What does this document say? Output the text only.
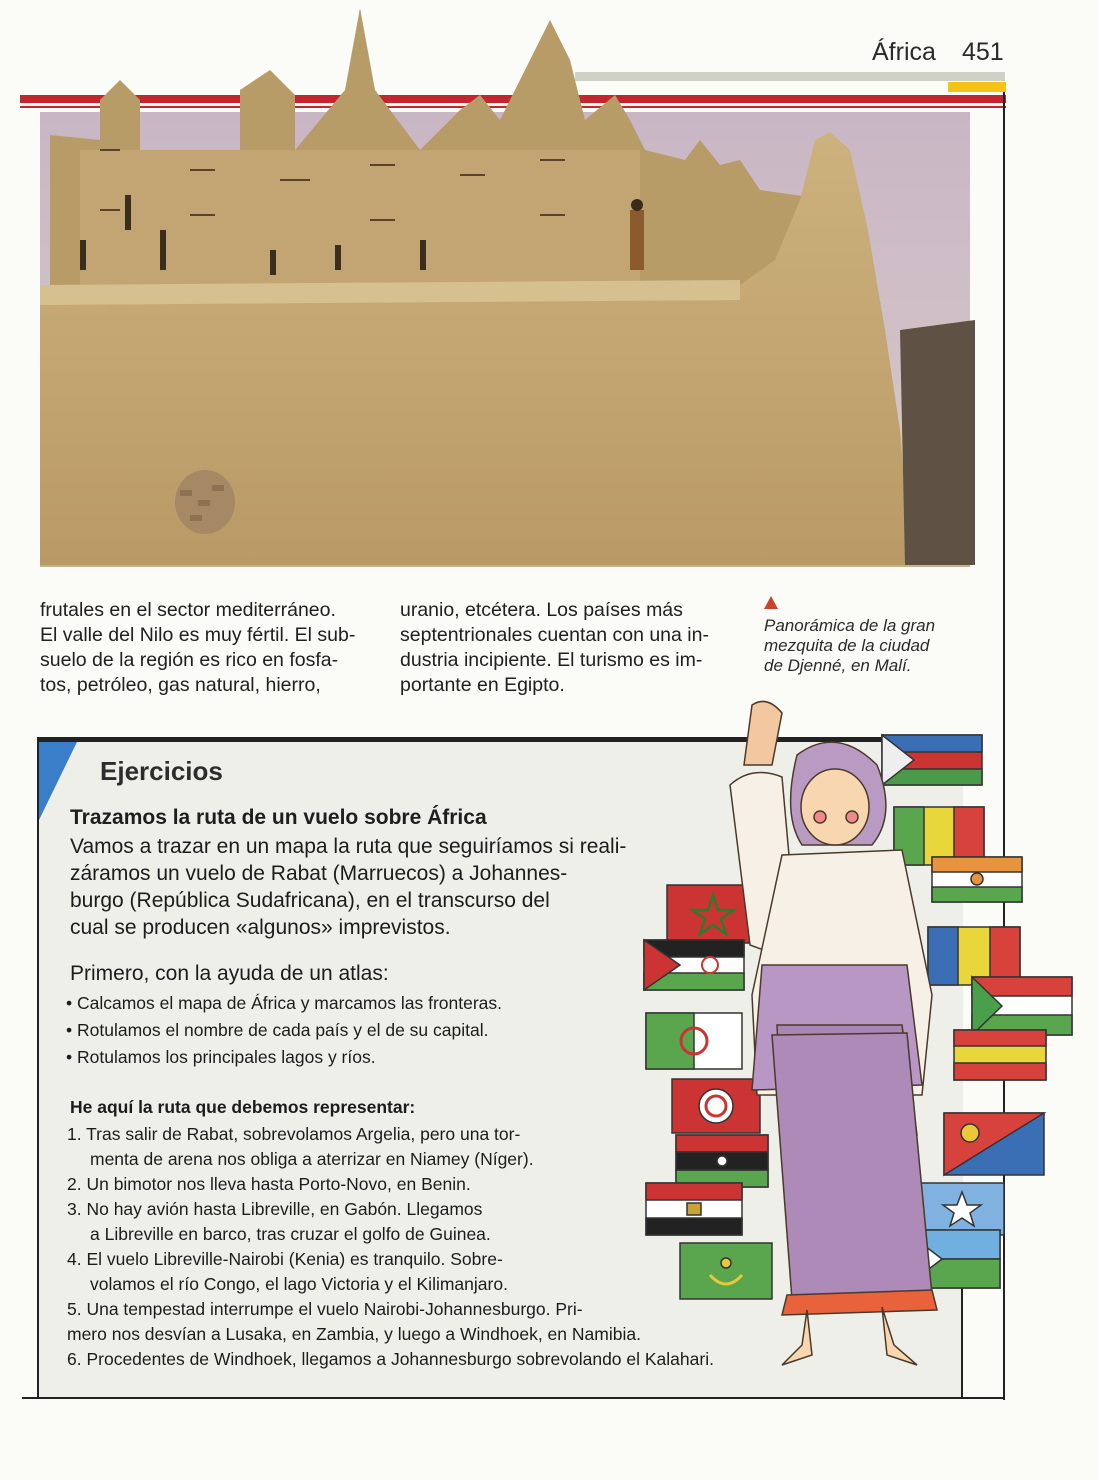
África 451

frutales en el sector mediterráneo.

El valle del Nilo es muy fértil. El sub-

suelo de la región es rico en fosfa-

tos, petróleo, gas natural, hierro,

uranio, etcétera. Los países más

septentrionales cuentan con una in-

dustria incipiente. El turismo es im-

portante en Egipto.

Panorámica de la gran

mezquita de la ciudad

de Djenné, en Malí.

Ejercicios
Trazamos la ruta de un vuelo sobre África

Vamos a trazar en un mapa la ruta que seguiríamos si reali-

záramos un vuelo de Rabat (Marruecos) a Johannes-

burgo (República Sudafricana), en el transcurso del

cual se producen «algunos» imprevistos.

Primero, con la ayuda de un atlas:

• Calcamos el mapa de África y marcamos las fronteras.

• Rotulamos el nombre de cada país y el de su capital.

• Rotulamos los principales lagos y ríos.

He aquí la ruta que debemos representar:

1. Tras salir de Rabat, sobrevolamos Argelia, pero una tor-

menta de arena nos obliga a aterrizar en Niamey (Níger).

2. Un bimotor nos lleva hasta Porto-Novo, en Benin.

3. No hay avión hasta Libreville, en Gabón. Llegamos

a Libreville en barco, tras cruzar el golfo de Guinea.

4. El vuelo Libreville-Nairobi (Kenia) es tranquilo. Sobre-

volamos el río Congo, el lago Victoria y el Kilimanjaro.

5. Una tempestad interrumpe el vuelo Nairobi-Johannesburgo. Pri-

mero nos desvían a Lusaka, en Zambia, y luego a Windhoek, en Namibia.

6. Procedentes de Windhoek, llegamos a Johannesburgo sobrevolando el Kalahari.
